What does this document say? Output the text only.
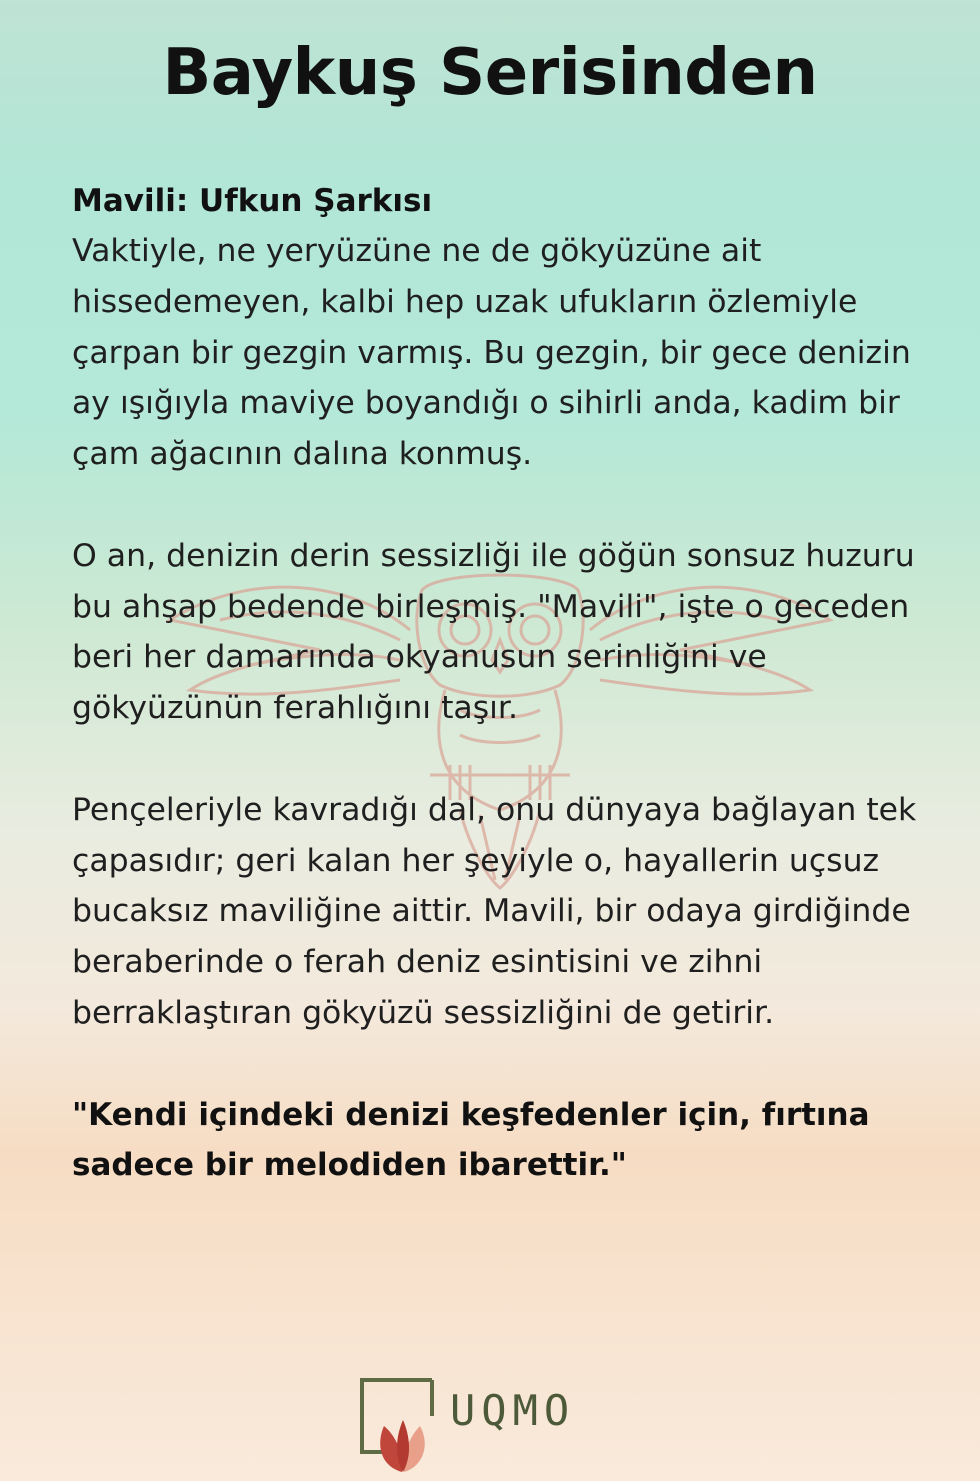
Baykuş Serisinden

Mavili: Ufkun Şarkısı

Vaktiyle, ne yeryüzüne ne de gökyüzüne ait hissedemeyen, kalbi hep uzak ufukların özlemiyle çarpan bir gezgin varmış. Bu gezgin, bir gece denizin ay ışığıyla maviye boyandığı o sihirli anda, kadim bir çam ağacının dalına konmuş.

O an, denizin derin sessizliği ile göğün sonsuz huzuru bu ahşap bedende birleşmiş. "Mavili", işte o geceden beri her damarında okyanusun serinliğini ve gökyüzünün ferahlığını taşır.

Pençeleriyle kavradığı dal, onu dünyaya bağlayan tek çapasıdır; geri kalan her şeyiyle o, hayallerin uçsuz bucaksız maviliğine aittir. Mavili, bir odaya girdiğinde beraberinde o ferah deniz esintisini ve zihni berraklaştıran gökyüzü sessizliğini de getirir.

"Kendi içindeki denizi keşfedenler için, fırtına sadece bir melodiden ibarettir."

UQMO
